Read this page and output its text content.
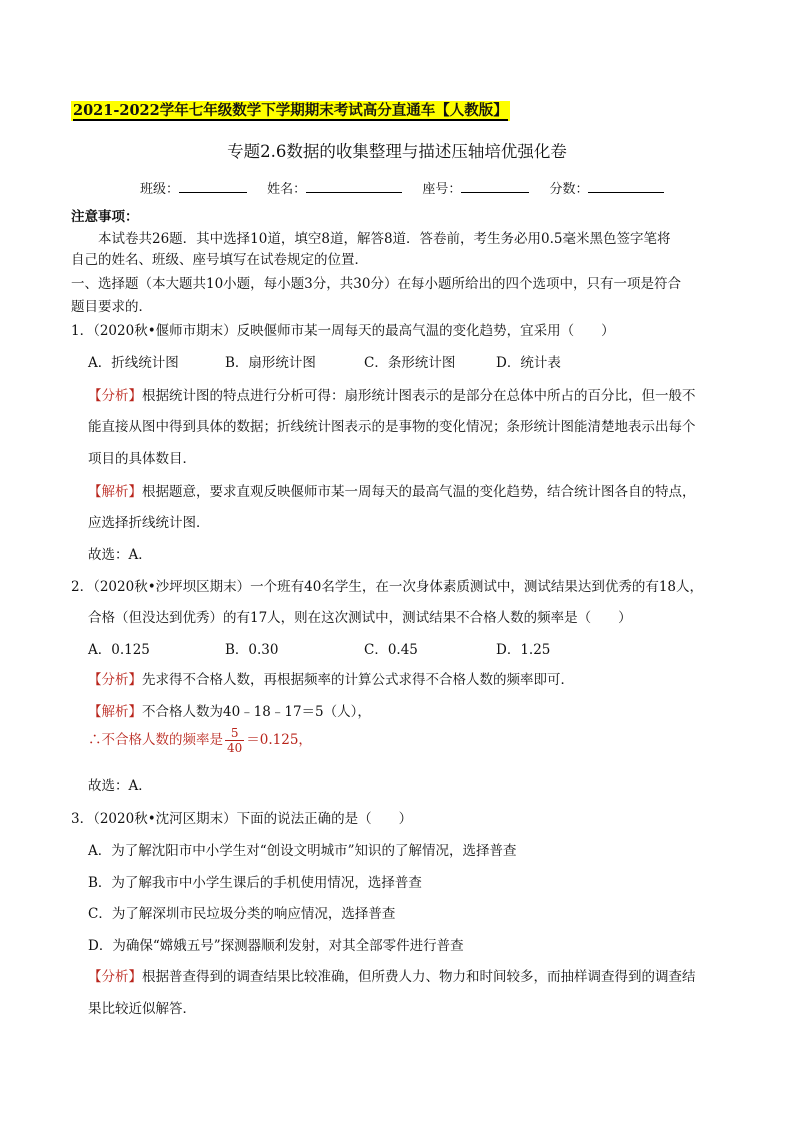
2021-2022学年七年级数学下学期期末考试高分直通车【人教版】
专题2.6数据的收集整理与描述压轴培优强化卷
班级：	姓名：	座号：	分数：
注意事项：
本试卷共26题．其中选择10道，填空8道，解答8道．答卷前，考生务必用0.5毫米黑色签字笔将
自己的姓名、班级、座号填写在试卷规定的位置．
一、选择题（本大题共10小题，每小题3分，共30分）在每小题所给出的四个选项中，只有一项是符合
题目要求的．
1．（2020秋•偃师市期末）反映偃师市某一周每天的最高气温的变化趋势，宜采用（　　）
A．折线统计图	B．扇形统计图	C．条形统计图	D．统计表
【分析】根据统计图的特点进行分析可得：扇形统计图表示的是部分在总体中所占的百分比，但一般不
能直接从图中得到具体的数据；折线统计图表示的是事物的变化情况；条形统计图能清楚地表示出每个
项目的具体数目．
【解析】根据题意，要求直观反映偃师市某一周每天的最高气温的变化趋势，结合统计图各自的特点，
应选择折线统计图．
故选：A．
2．（2020秋•沙坪坝区期末）一个班有40名学生，在一次身体素质测试中，测试结果达到优秀的有18人，
合格（但没达到优秀）的有17人，则在这次测试中，测试结果不合格人数的频率是（　　）
A．0.125	B．0.30	C．0.45	D．1.25
【分析】先求得不合格人数，再根据频率的计算公式求得不合格人数的频率即可．
【解析】不合格人数为40﹣18﹣17＝5（人），
∴不合格人数的频率是 $\frac{5}{40} =0.125$，
故选：A．
3．（2020秋•沈河区期末）下面的说法正确的是（　　）
A．为了解沈阳市中小学生对“创设文明城市”知识的了解情况，选择普查
B．为了解我市中小学生课后的手机使用情况，选择普查
C．为了解深圳市民垃圾分类的响应情况，选择普查
D．为确保“嫦娥五号”探测器顺利发射，对其全部零件进行普查
【分析】根据普查得到的调查结果比较准确，但所费人力、物力和时间较多，而抽样调查得到的调查结
果比较近似解答．
